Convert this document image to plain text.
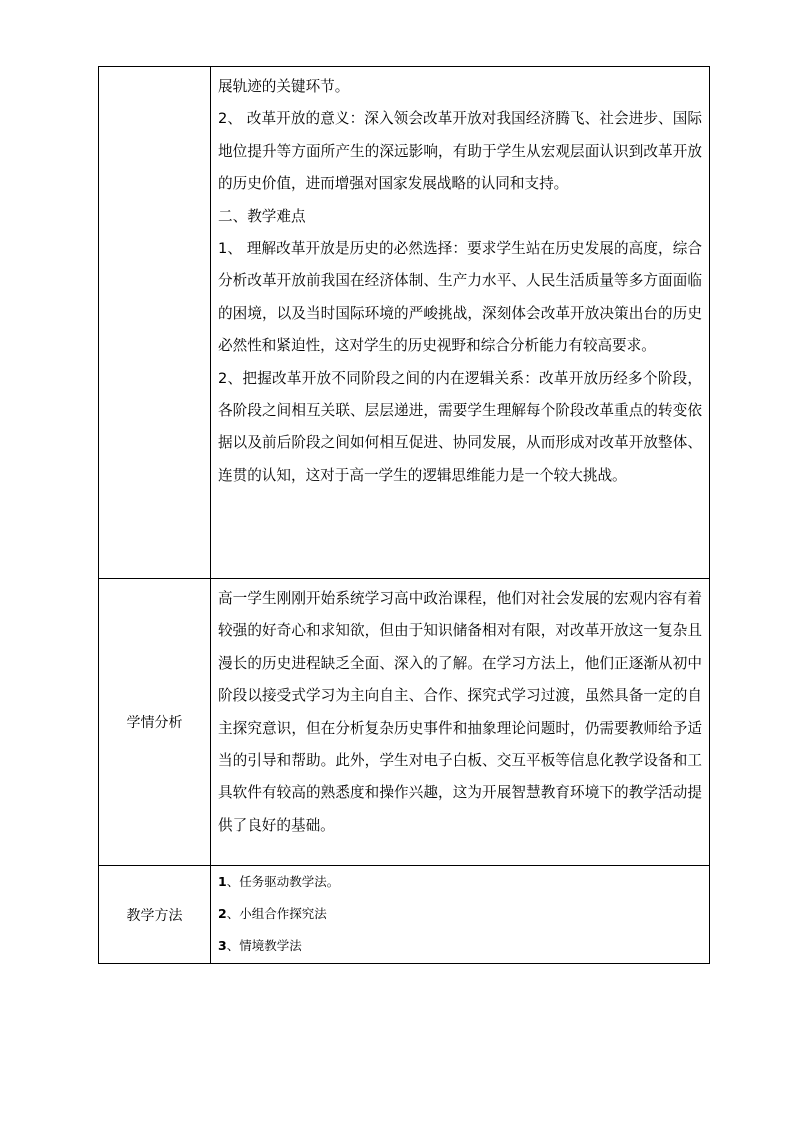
	展轨迹的关键环节。

2、 改革开放的意义：深入领会改革开放对我国经济腾飞、社会进步、国际地位提升等方面所产生的深远影响，有助于学生从宏观层面认识到改革开放的历史价值，进而增强对国家发展战略的认同和支持。

二、教学难点

1、 理解改革开放是历史的必然选择：要求学生站在历史发展的高度，综合分析改革开放前我国在经济体制、生产力水平、人民生活质量等多方面面临的困境，以及当时国际环境的严峻挑战，深刻体会改革开放决策出台的历史必然性和紧迫性，这对学生的历史视野和综合分析能力有较高要求。

2、把握改革开放不同阶段之间的内在逻辑关系：改革开放历经多个阶段，各阶段之间相互关联、层层递进，需要学生理解每个阶段改革重点的转变依据以及前后阶段之间如何相互促进、协同发展，从而形成对改革开放整体、连贯的认知，这对于高一学生的逻辑思维能力是一个较大挑战。

学情分析	高一学生刚刚开始系统学习高中政治课程，他们对社会发展的宏观内容有着较强的好奇心和求知欲，但由于知识储备相对有限，对改革开放这一复杂且漫长的历史进程缺乏全面、深入的了解。在学习方法上，他们正逐渐从初中阶段以接受式学习为主向自主、合作、探究式学习过渡，虽然具备一定的自主探究意识，但在分析复杂历史事件和抽象理论问题时，仍需要教师给予适当的引导和帮助。此外，学生对电子白板、交互平板等信息化教学设备和工具软件有较高的熟悉度和操作兴趣，这为开展智慧教育环境下的教学活动提供了良好的基础。

教学方法	1、任务驱动教学法。

2、小组合作探究法

3、情境教学法
